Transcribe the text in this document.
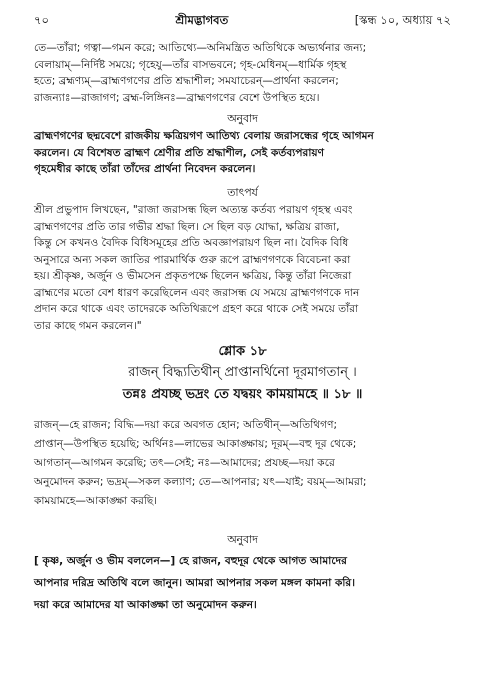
৭০	শ্রীমদ্ভাগবত	[স্কন্ধ ১০, অধ্যায় ৭২
তে—তাঁরা; গত্বা—গমন করে; আতিথ্যে—অনিমন্ত্রিত অতিথিকে অভ্যর্থনার জন্য;
বেলায়াম্—নির্দিষ্ট সময়ে; গৃহেযু—তাঁর বাসভবনে; গৃহ-মেধিনম্—ধার্মিক গৃহস্থ
হতে; ব্রহ্মণ্যম্—ব্রাহ্মণগণের প্রতি শ্রদ্ধাশীল; সমযাচেরন্—প্রার্থনা করলেন;
রাজন্যাঃ—রাজাগণ; ব্রহ্ম-লিঙ্গিনঃ—ব্রাহ্মণগণের বেশে উপস্থিত হয়ে।
অনুবাদ
ব্রাহ্মণগণের ছদ্মবেশে রাজকীয় ক্ষত্রিয়গণ আতিথ্য বেলায় জরাসন্ধের গৃহে আগমন
করলেন। যে বিশেষত ব্রাহ্মণ শ্রেণীর প্রতি শ্রদ্ধাশীল, সেই কর্তব্যপরায়ণ
গৃহমেধীর কাছে তাঁরা তাঁদের প্রার্থনা নিবেদন করলেন।
তাৎপর্য
শ্রীল প্রভুপাদ লিখছেন, "রাজা জরাসন্ধ ছিল অত্যন্ত কর্তব্য পরায়ণ গৃহস্থ এবং
ব্রাহ্মণগণের প্রতি তার গভীর শ্রদ্ধা ছিল। সে ছিল বড় যোদ্ধা, ক্ষত্রিয় রাজা,
কিন্তু সে কখনও বৈদিক বিধিসমূহের প্রতি অবজ্ঞাপরায়ণ ছিল না। বৈদিক বিধি
অনুসারে অন্য সকল জাতির পারমার্থিক গুরু রূপে ব্রাহ্মণগণকে বিবেচনা করা
হয়। শ্রীকৃষ্ণ, অর্জুন ও ভীমসেন প্রকৃতপক্ষে ছিলেন ক্ষত্রিয়, কিন্তু তাঁরা নিজেরা
ব্রাহ্মণের মতো বেশ ধারণ করেছিলেন এবং জরাসন্ধ যে সময়ে ব্রাহ্মণগণকে দান
প্রদান করে থাকে এবং তাদেরকে অতিথিরূপে গ্রহণ করে থাকে সেই সময়ে তাঁরা
তার কাছে গমন করলেন।"
শ্লোক ১৮
রাজন্ বিদ্ধ্যতিথীন্ প্রাপ্তানর্থিনো দূরমাগতান্ ।
তন্নঃ প্রযচ্ছ ভদ্রং তে যদ্বয়ং কাময়ামহে ॥ ১৮ ॥
রাজন্—হে রাজন; বিদ্ধি—দয়া করে অবগত হোন; অতিথীন্—অতিথিগণ;
প্রাপ্তান্—উপস্থিত হয়েছি; অর্থিনঃ—লাভের আকাঙ্ক্ষায়; দূরম্—বহু দূর থেকে;
আগতান্—আগমন করেছি; তৎ—সেই; নঃ—আমাদের; প্রযচ্ছ—দয়া করে
অনুমোদন করুন; ভদ্রম্—সকল কল্যাণ; তে—আপনার; যৎ—যাই; বয়ম্—আমরা;
কাময়ামহে—আকাঙ্ক্ষা করছি।
অনুবাদ
[ কৃষ্ণ, অর্জুন ও ভীম বললেন—] হে রাজন, বহুদূর থেকে আগত আমাদের
আপনার দরিদ্র অতিথি বলে জানুন। আমরা আপনার সকল মঙ্গল কামনা করি।
দয়া করে আমাদের যা আকাঙ্ক্ষা তা অনুমোদন করুন।
